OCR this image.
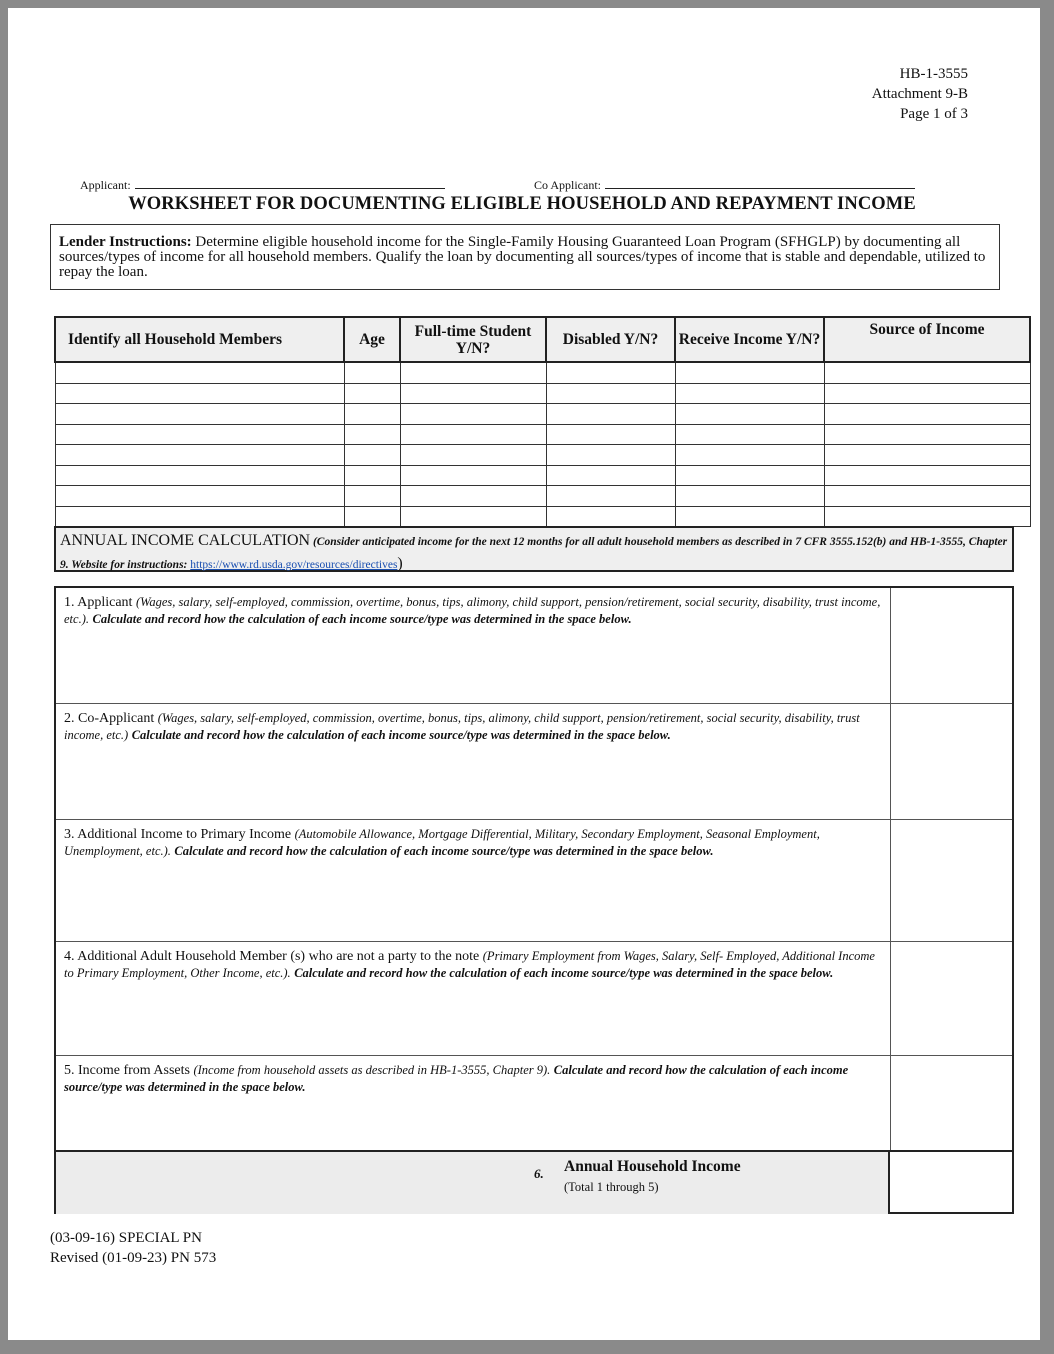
HB-1-3555
Attachment 9-B
Page 1 of 3
Applicant:	Co Applicant:
WORKSHEET FOR DOCUMENTING ELIGIBLE HOUSEHOLD AND REPAYMENT INCOME
Lender Instructions: Determine eligible household income for the Single-Family Housing Guaranteed Loan Program (SFHGLP) by documenting all sources/types of income for all household members. Qualify the loan by documenting all sources/types of income that is stable and dependable, utilized to repay the loan.
Identify all Household Members	Age	Full-time Student Y/N?	Disabled Y/N?	Receive Income Y/N?	Source of Income

ANNUAL INCOME CALCULATION (Consider anticipated income for the next 12 months for all adult household members as described in 7 CFR 3555.152(b) and HB-1-3555, Chapter 9. Website for instructions: https://www.rd.usda.gov/resources/directives)
1. Applicant (Wages, salary, self-employed, commission, overtime, bonus, tips, alimony, child support, pension/retirement, social security, disability, trust income, etc.). Calculate and record how the calculation of each income source/type was determined in the space below.
2. Co-Applicant (Wages, salary, self-employed, commission, overtime, bonus, tips, alimony, child support, pension/retirement, social security, disability, trust income, etc.) Calculate and record how the calculation of each income source/type was determined in the space below.
3. Additional Income to Primary Income (Automobile Allowance, Mortgage Differential, Military, Secondary Employment, Seasonal Employment, Unemployment, etc.). Calculate and record how the calculation of each income source/type was determined in the space below.
4. Additional Adult Household Member (s) who are not a party to the note (Primary Employment from Wages, Salary, Self- Employed, Additional Income to Primary Employment, Other Income, etc.). Calculate and record how the calculation of each income source/type was determined in the space below.
5. Income from Assets (Income from household assets as described in HB-1-3555, Chapter 9). Calculate and record how the calculation of each income source/type was determined in the space below.
6. Annual Household Income
(Total 1 through 5)
(03-09-16) SPECIAL PN
Revised (01-09-23) PN 573
